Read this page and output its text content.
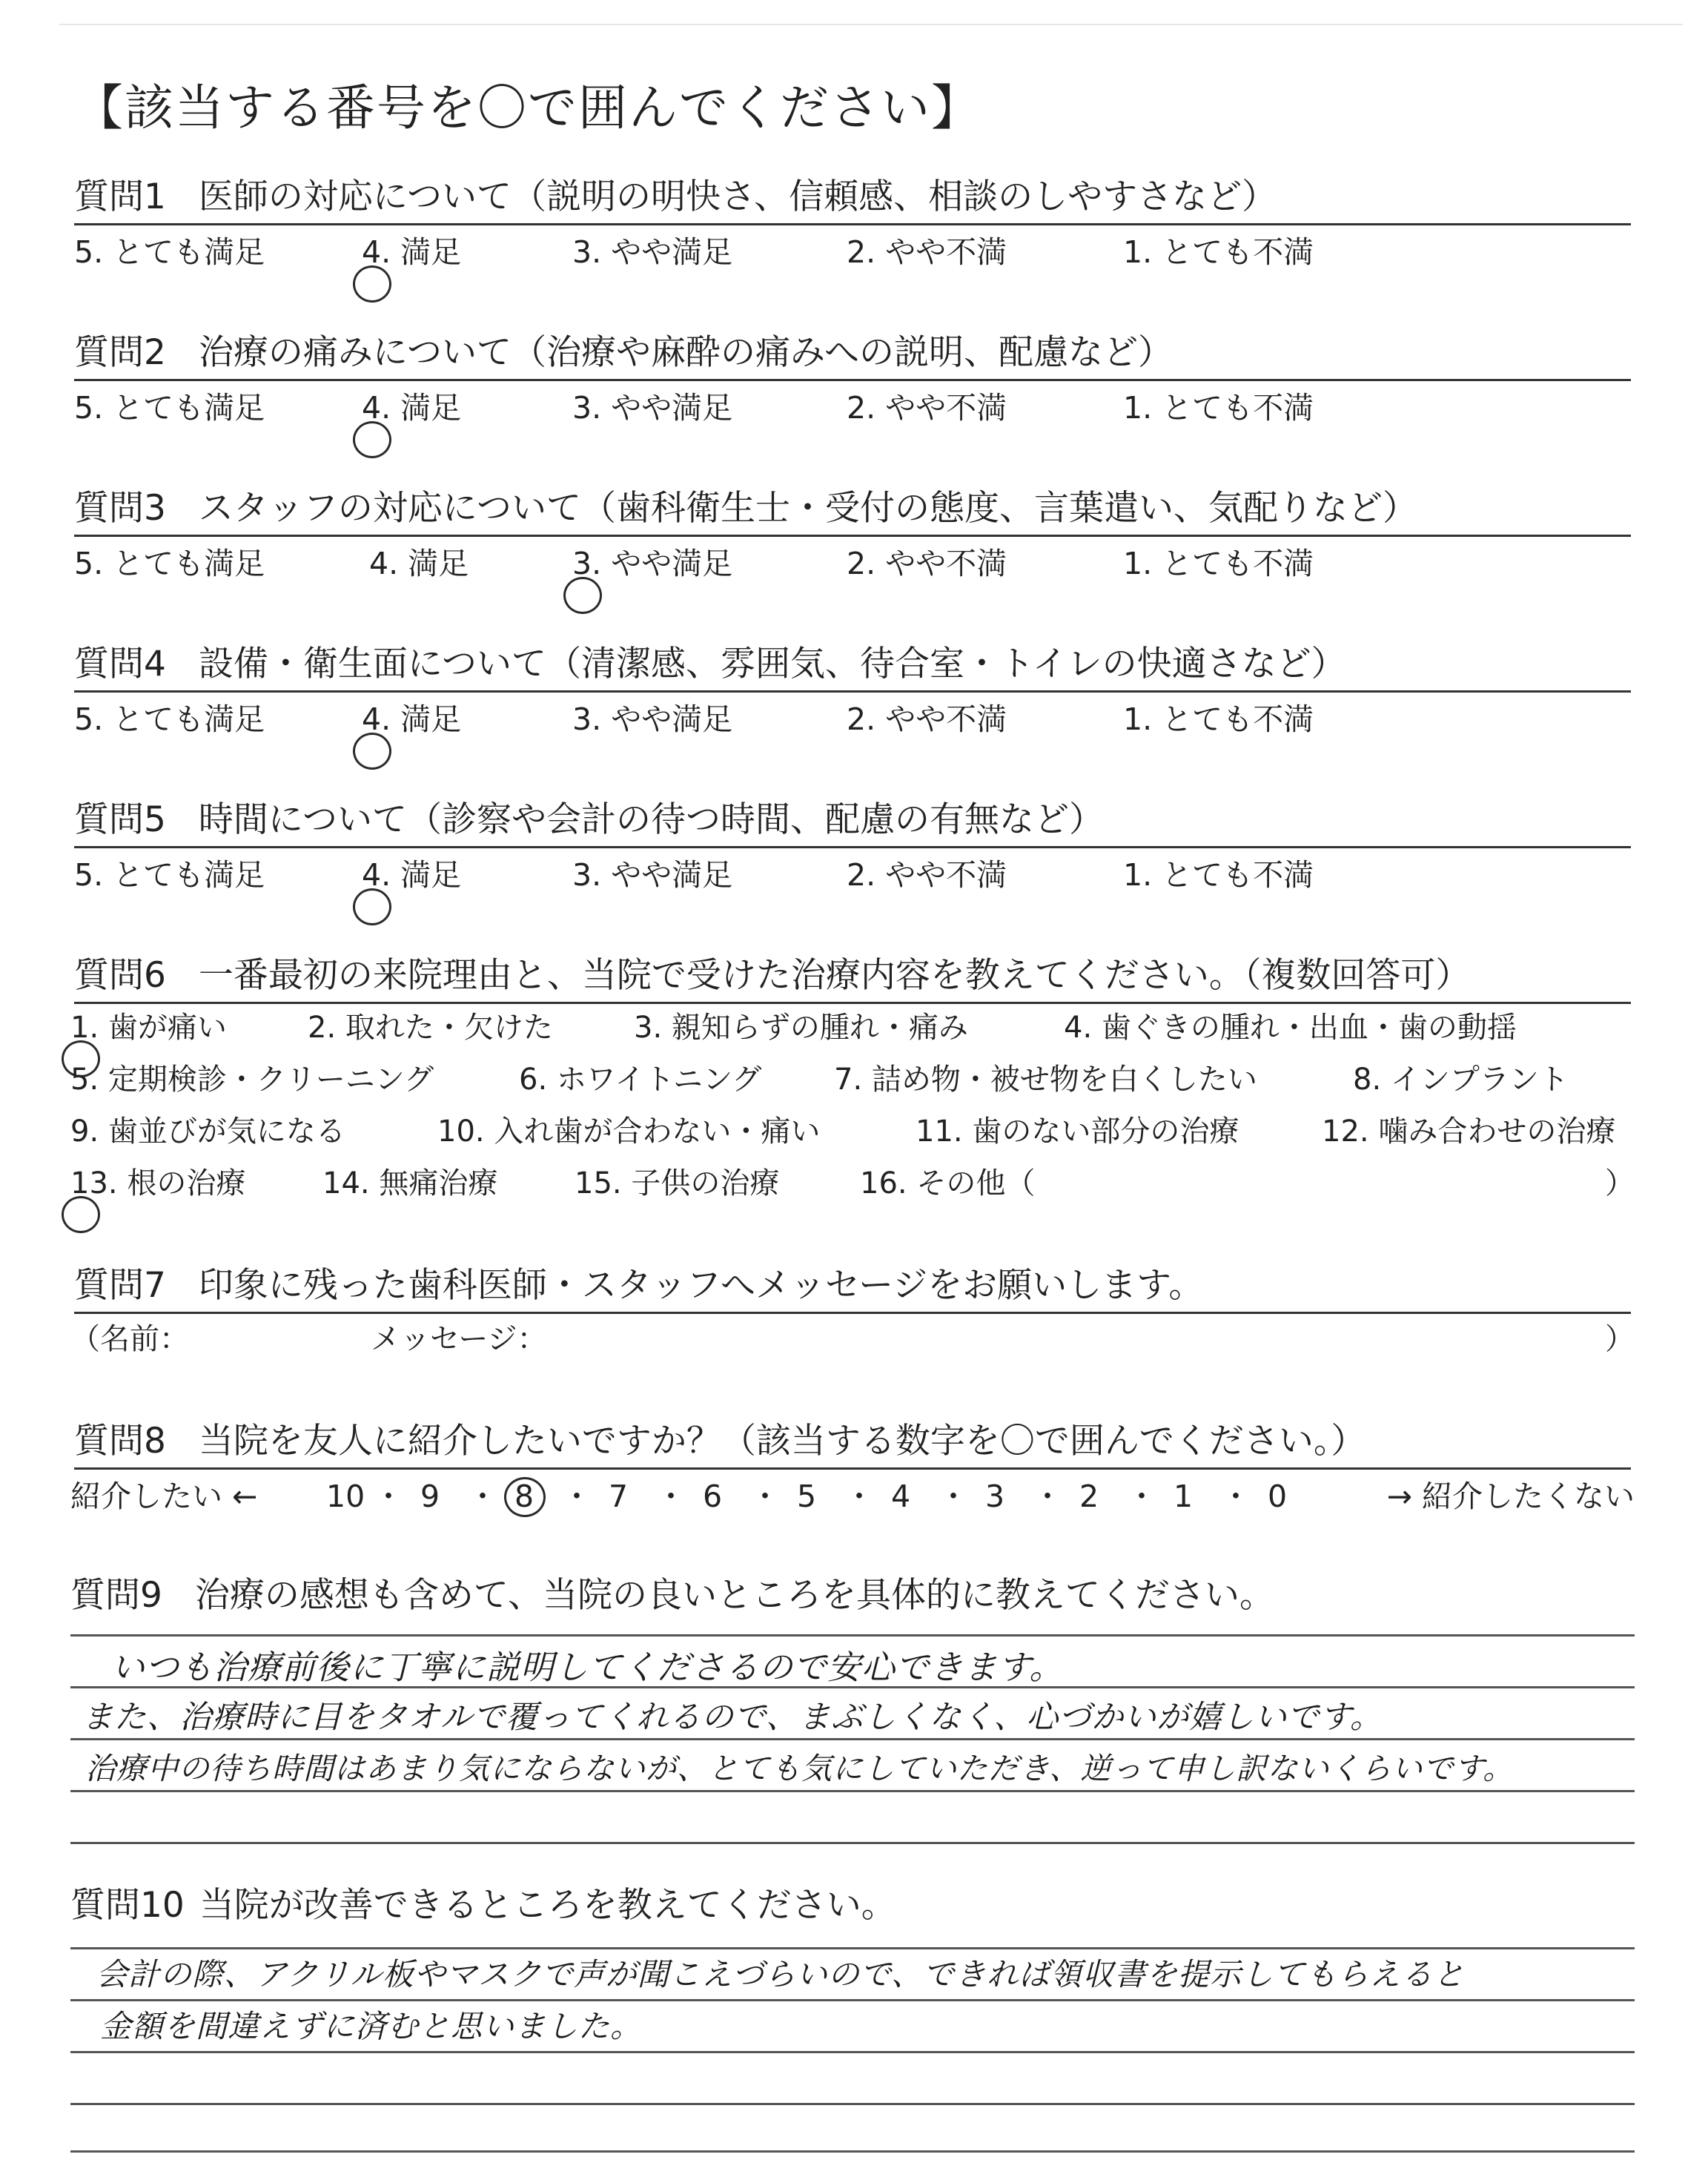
【該当する番号を〇で囲んでください】
質問1 医師の対応について（説明の明快さ、信頼感、相談のしやすさなど）
5. とても満足	4. 満足	3. やや満足	2. やや不満	1. とても不満
質問2 治療の痛みについて（治療や麻酔の痛みへの説明、配慮など）
5. とても満足	4. 満足	3. やや満足	2. やや不満	1. とても不満
質問3 スタッフの対応について（歯科衛生士・受付の態度、言葉遣い、気配りなど）
5. とても満足	4. 満足	3. やや満足	2. やや不満	1. とても不満
質問4 設備・衛生面について（清潔感、雰囲気、待合室・トイレの快適さなど）
5. とても満足	4. 満足	3. やや満足	2. やや不満	1. とても不満
質問5 時間について（診察や会計の待つ時間、配慮の有無など）
5. とても満足	4. 満足	3. やや満足	2. やや不満	1. とても不満
質問6 一番最初の来院理由と、当院で受けた治療内容を教えてください。（複数回答可）
1. 歯が痛い	2. 取れた・欠けた	3. 親知らずの腫れ・痛み	4. 歯ぐきの腫れ・出血・歯の動揺
5. 定期検診・クリーニング	6. ホワイトニング 7. 詰め物・被せ物を白くしたい	8. インプラント
9. 歯並びが気になる	10. 入れ歯が合わない・痛い	11. 歯のない部分の治療	12. 噛み合わせの治療
13. 根の治療	14. 無痛治療	15. 子供の治療	16. その他（	）
質問7 印象に残った歯科医師・スタッフへメッセージをお願いします。
（名前：	メッセージ：	）
質問8 当院を友人に紹介したいですか？（該当する数字を〇で囲んでください。）
紹介したい ← 10 ・ 9 ・ 8 ・ 7 ・ 6 ・ 5 ・ 4 ・ 3 ・ 2 ・ 1 ・ 0	→ 紹介したくない
質問9 治療の感想も含めて、当院の良いところを具体的に教えてください。
いつも治療前後に丁寧に説明してくださるので安心できます。
また、治療時に目をタオルで覆ってくれるので、まぶしくなく、心づかいが嬉しいです。
治療中の待ち時間はあまり気にならないが、とても気にしていただき、逆って申し訳ないくらいです。
質問10 当院が改善できるところを教えてください。
会計の際、アクリル板やマスクで声が聞こえづらいので、できれば領収書を提示してもらえると
金額を間違えずに済むと思いました。
